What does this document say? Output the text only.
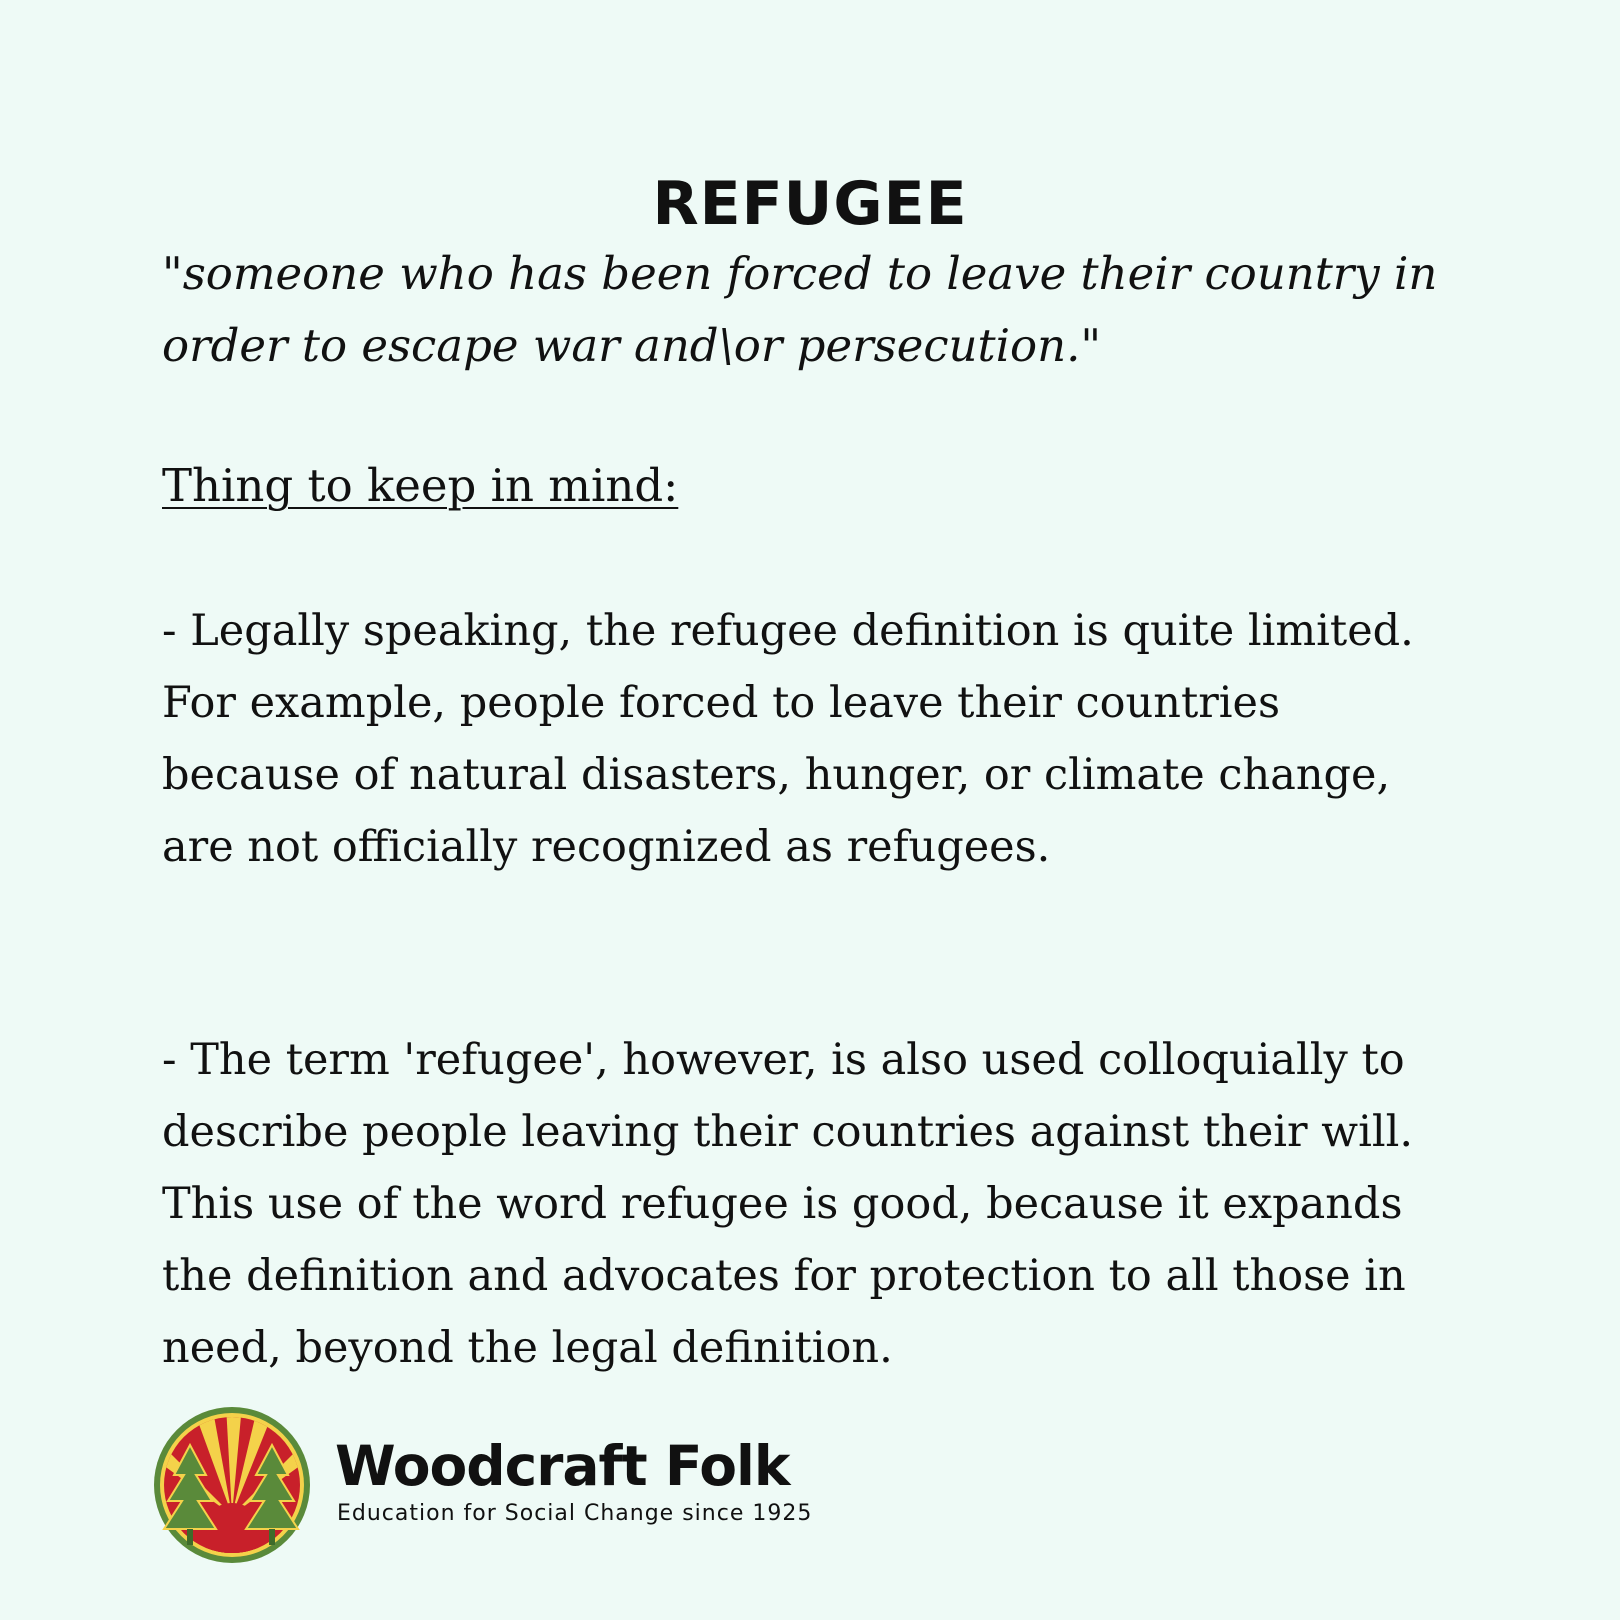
REFUGEE
"someone who has been forced to leave their country in
order to escape war and\or persecution."
Thing to keep in mind:

- Legally speaking, the refugee definition is quite limited. For example, people forced to leave their countries because of natural disasters, hunger, or climate change, are not officially recognized as refugees.

- The term 'refugee', however, is also used colloquially to describe people leaving their countries against their will. This use of the word refugee is good, because it expands the definition and advocates for protection to all those in need, beyond the legal definition.

Woodcraft Folk
Education for Social Change since 1925
